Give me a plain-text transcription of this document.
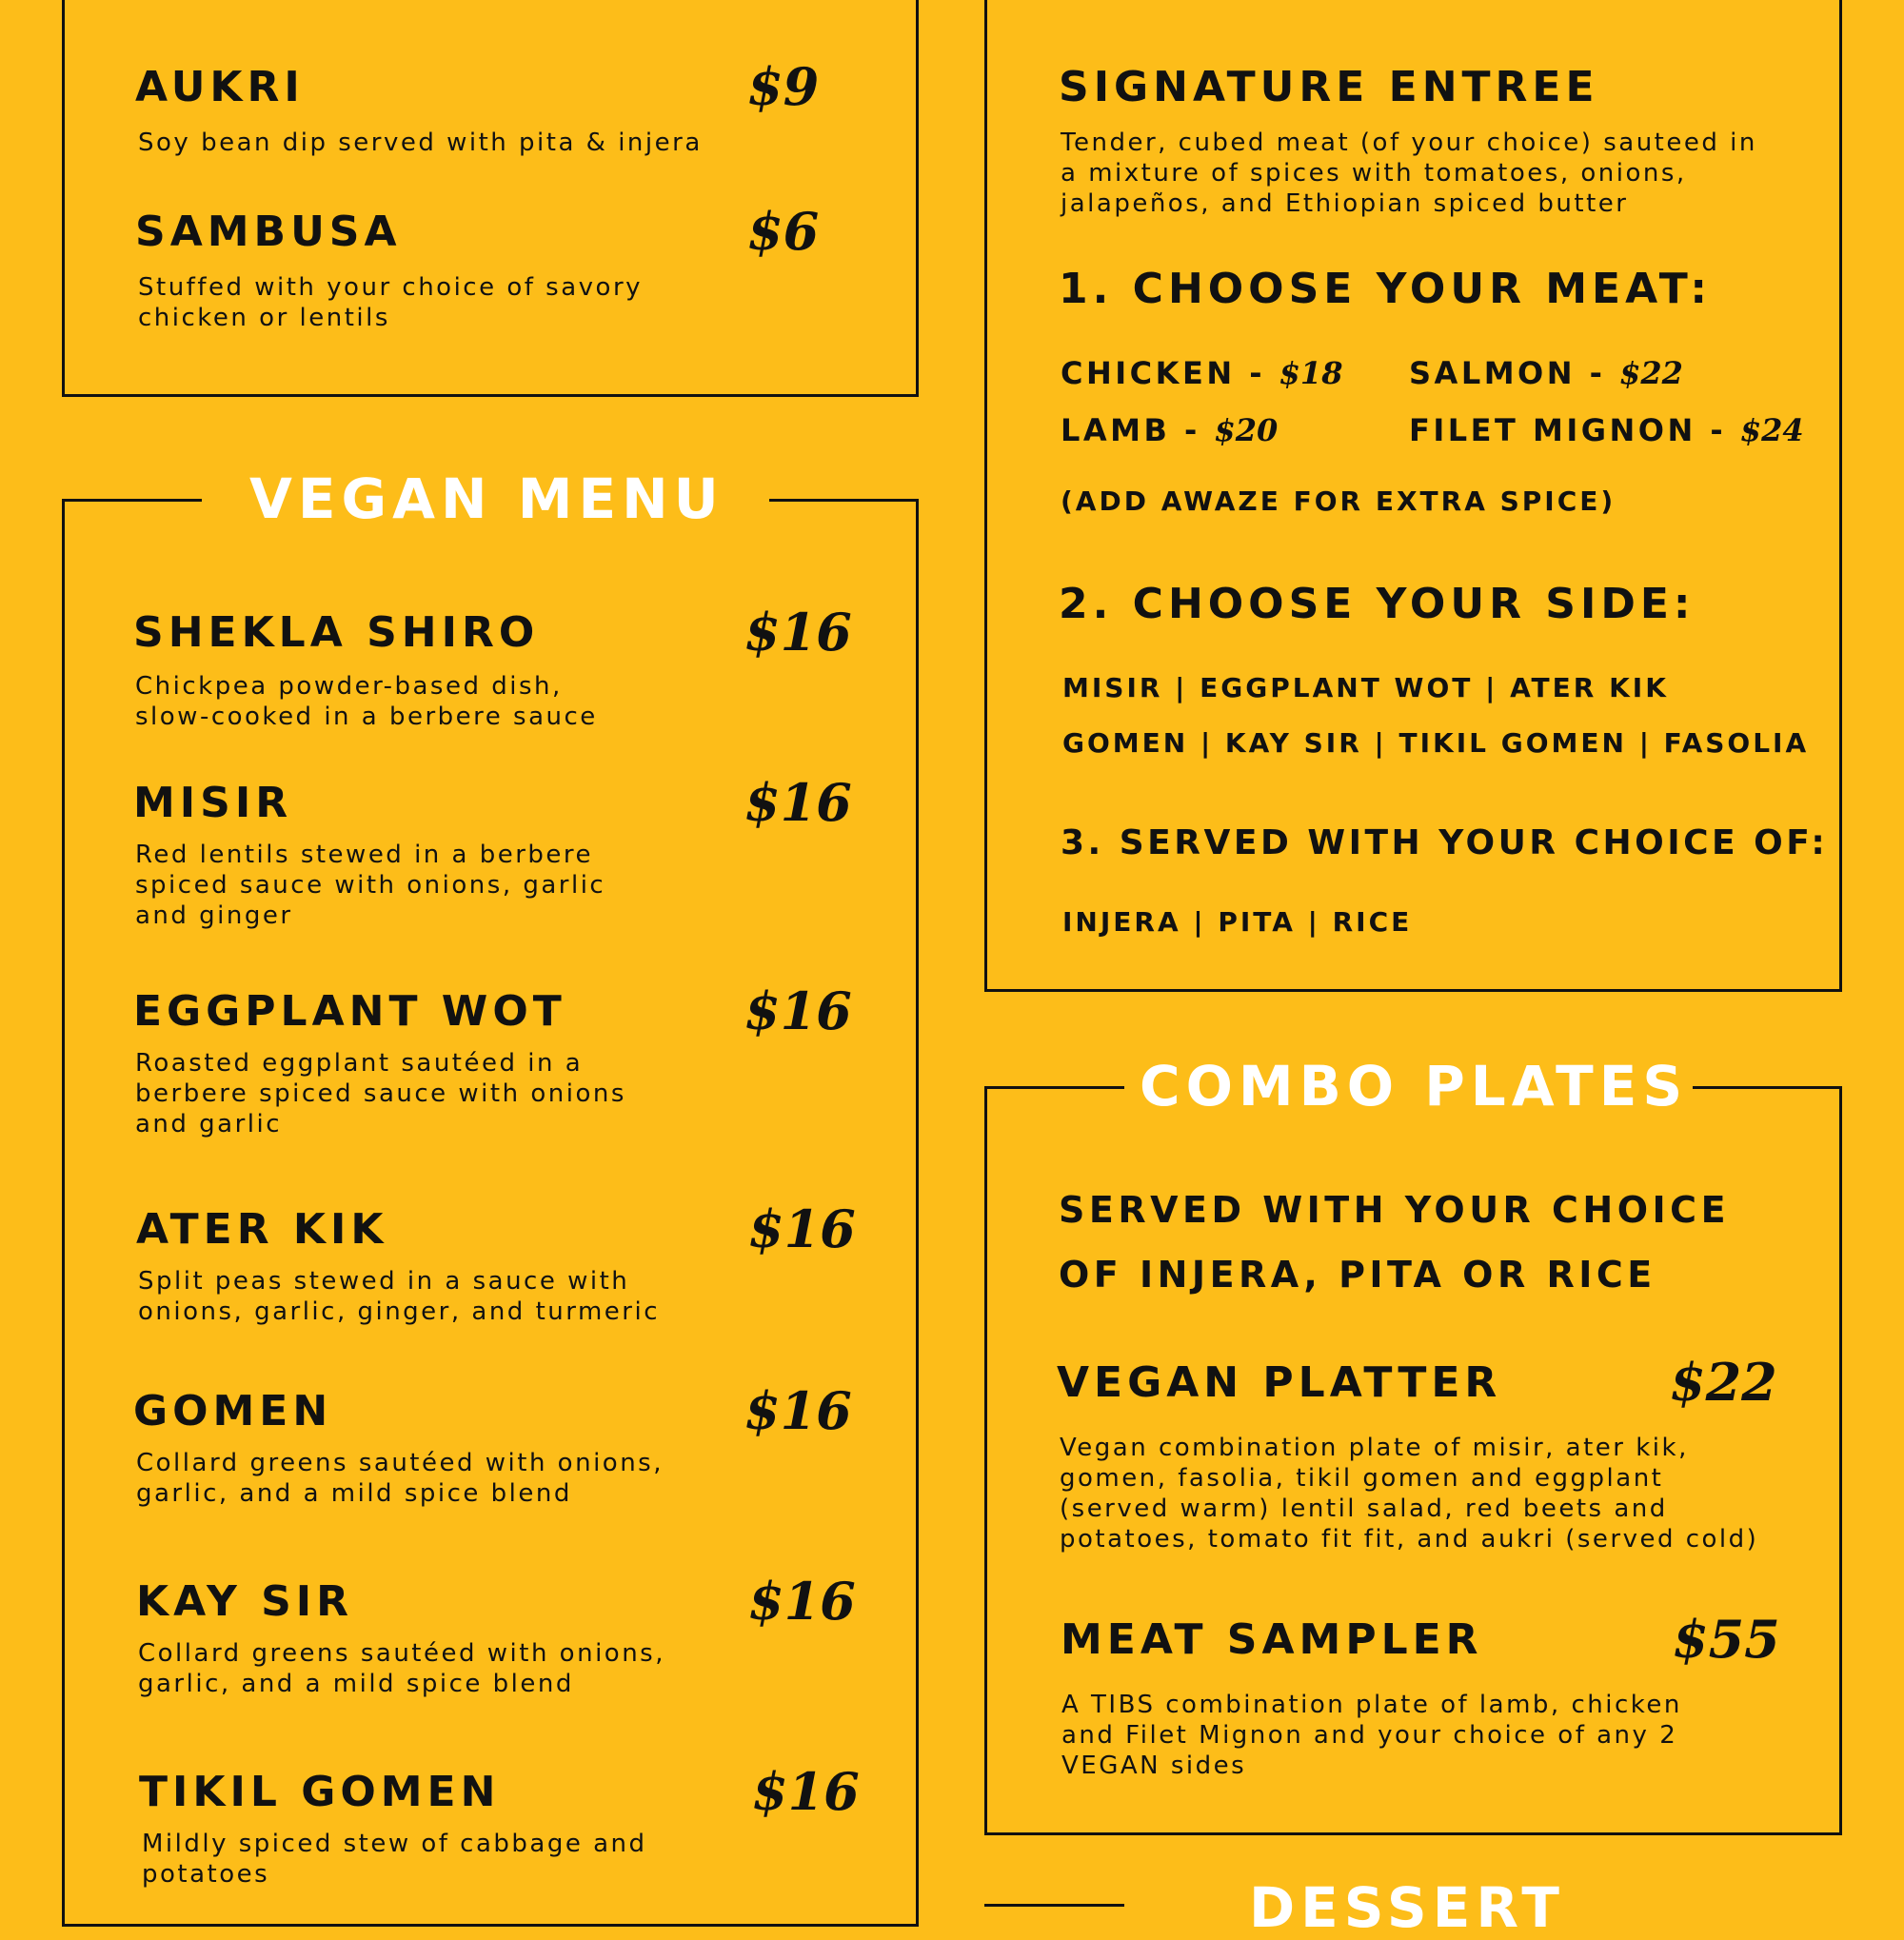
AUKRI	$9

Soy bean dip served with pita & injera

SAMBUSA	$6

Stuffed with your choice of savory
chicken or lentils

VEGAN MENU

SHEKLA SHIRO	$16

Chickpea powder-based dish,
slow-cooked in a berbere sauce

MISIR	$16

Red lentils stewed in a berbere
spiced sauce with onions, garlic
and ginger

EGGPLANT WOT	$16

Roasted eggplant sautéed in a
berbere spiced sauce with onions
and garlic

ATER KIK	$16

Split peas stewed in a sauce with
onions, garlic, ginger, and turmeric

GOMEN	$16

Collard greens sautéed with onions,
garlic, and a mild spice blend

KAY SIR	$16

Collard greens sautéed with onions,
garlic, and a mild spice blend

TIKIL GOMEN	$16

Mildly spiced stew of cabbage and
potatoes

SIGNATURE ENTREE

Tender, cubed meat (of your choice) sauteed in
a mixture of spices with tomatoes, onions,
jalapeños, and Ethiopian spiced butter

1. CHOOSE YOUR MEAT:

CHICKEN - $18 SALMON - $22

LAMB - $20	FILET MIGNON - $24

(ADD AWAZE FOR EXTRA SPICE)

2. CHOOSE YOUR SIDE:

MISIR | EGGPLANT WOT | ATER KIK

GOMEN | KAY SIR | TIKIL GOMEN | FASOLIA

3. SERVED WITH YOUR CHOICE OF:

INJERA | PITA | RICE

COMBO PLATES

SERVED WITH YOUR CHOICE

OF INJERA, PITA OR RICE

VEGAN PLATTER	$22

Vegan combination plate of misir, ater kik,
gomen, fasolia, tikil gomen and eggplant
(served warm) lentil salad, red beets and
potatoes, tomato fit fit, and aukri (served cold)

MEAT SAMPLER	$55

A TIBS combination plate of lamb, chicken
and Filet Mignon and your choice of any 2
VEGAN sides

DESSERT
